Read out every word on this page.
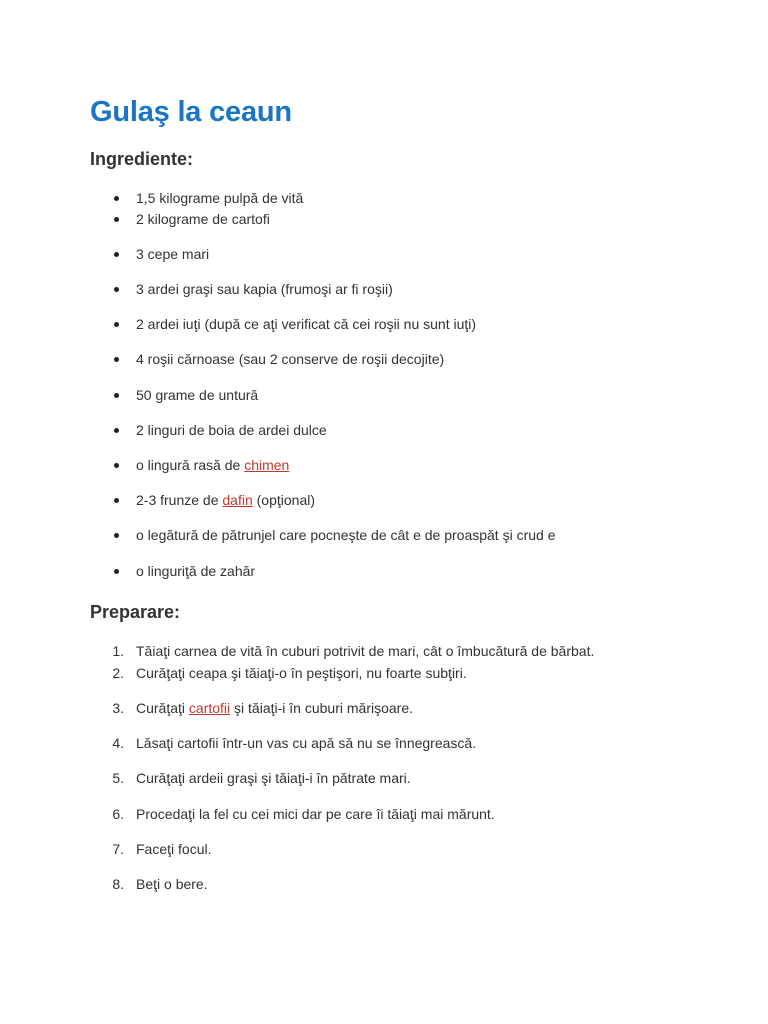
Gulaş la ceaun
Ingrediente:
1,5 kilograme pulpă de vită
2 kilograme de cartofi
3 cepe mari
3 ardei graşi sau kapia (frumoşi ar fi roşii)
2 ardei iuţi (după ce aţi verificat că cei roşii nu sunt iuţi)
4 roşii cărnoase (sau 2 conserve de roşii decojite)
50 grame de untură
2 linguri de boia de ardei dulce
o lingură rasă de chimen
2-3 frunze de dafin (opţional)
o legătură de pătrunjel care pocneşte de cât e de proaspăt şi crud e
o linguriţă de zahăr
Preparare:
1. Tăiaţi carnea de vită în cuburi potrivit de mari, cât o îmbucătură de bărbat.
2. Curăţaţi ceapa şi tăiaţi-o în peştişori, nu foarte subţiri.
3. Curăţaţi cartofii şi tăiaţi-i în cuburi mărişoare.
4. Lăsaţi cartofii într-un vas cu apă să nu se înnegrească.
5. Curăţaţi ardeii graşi şi tăiaţi-i în pătrate mari.
6. Procedaţi la fel cu cei mici dar pe care îi tăiaţi mai mărunt.
7. Faceţi focul.
8. Beţi o bere.
